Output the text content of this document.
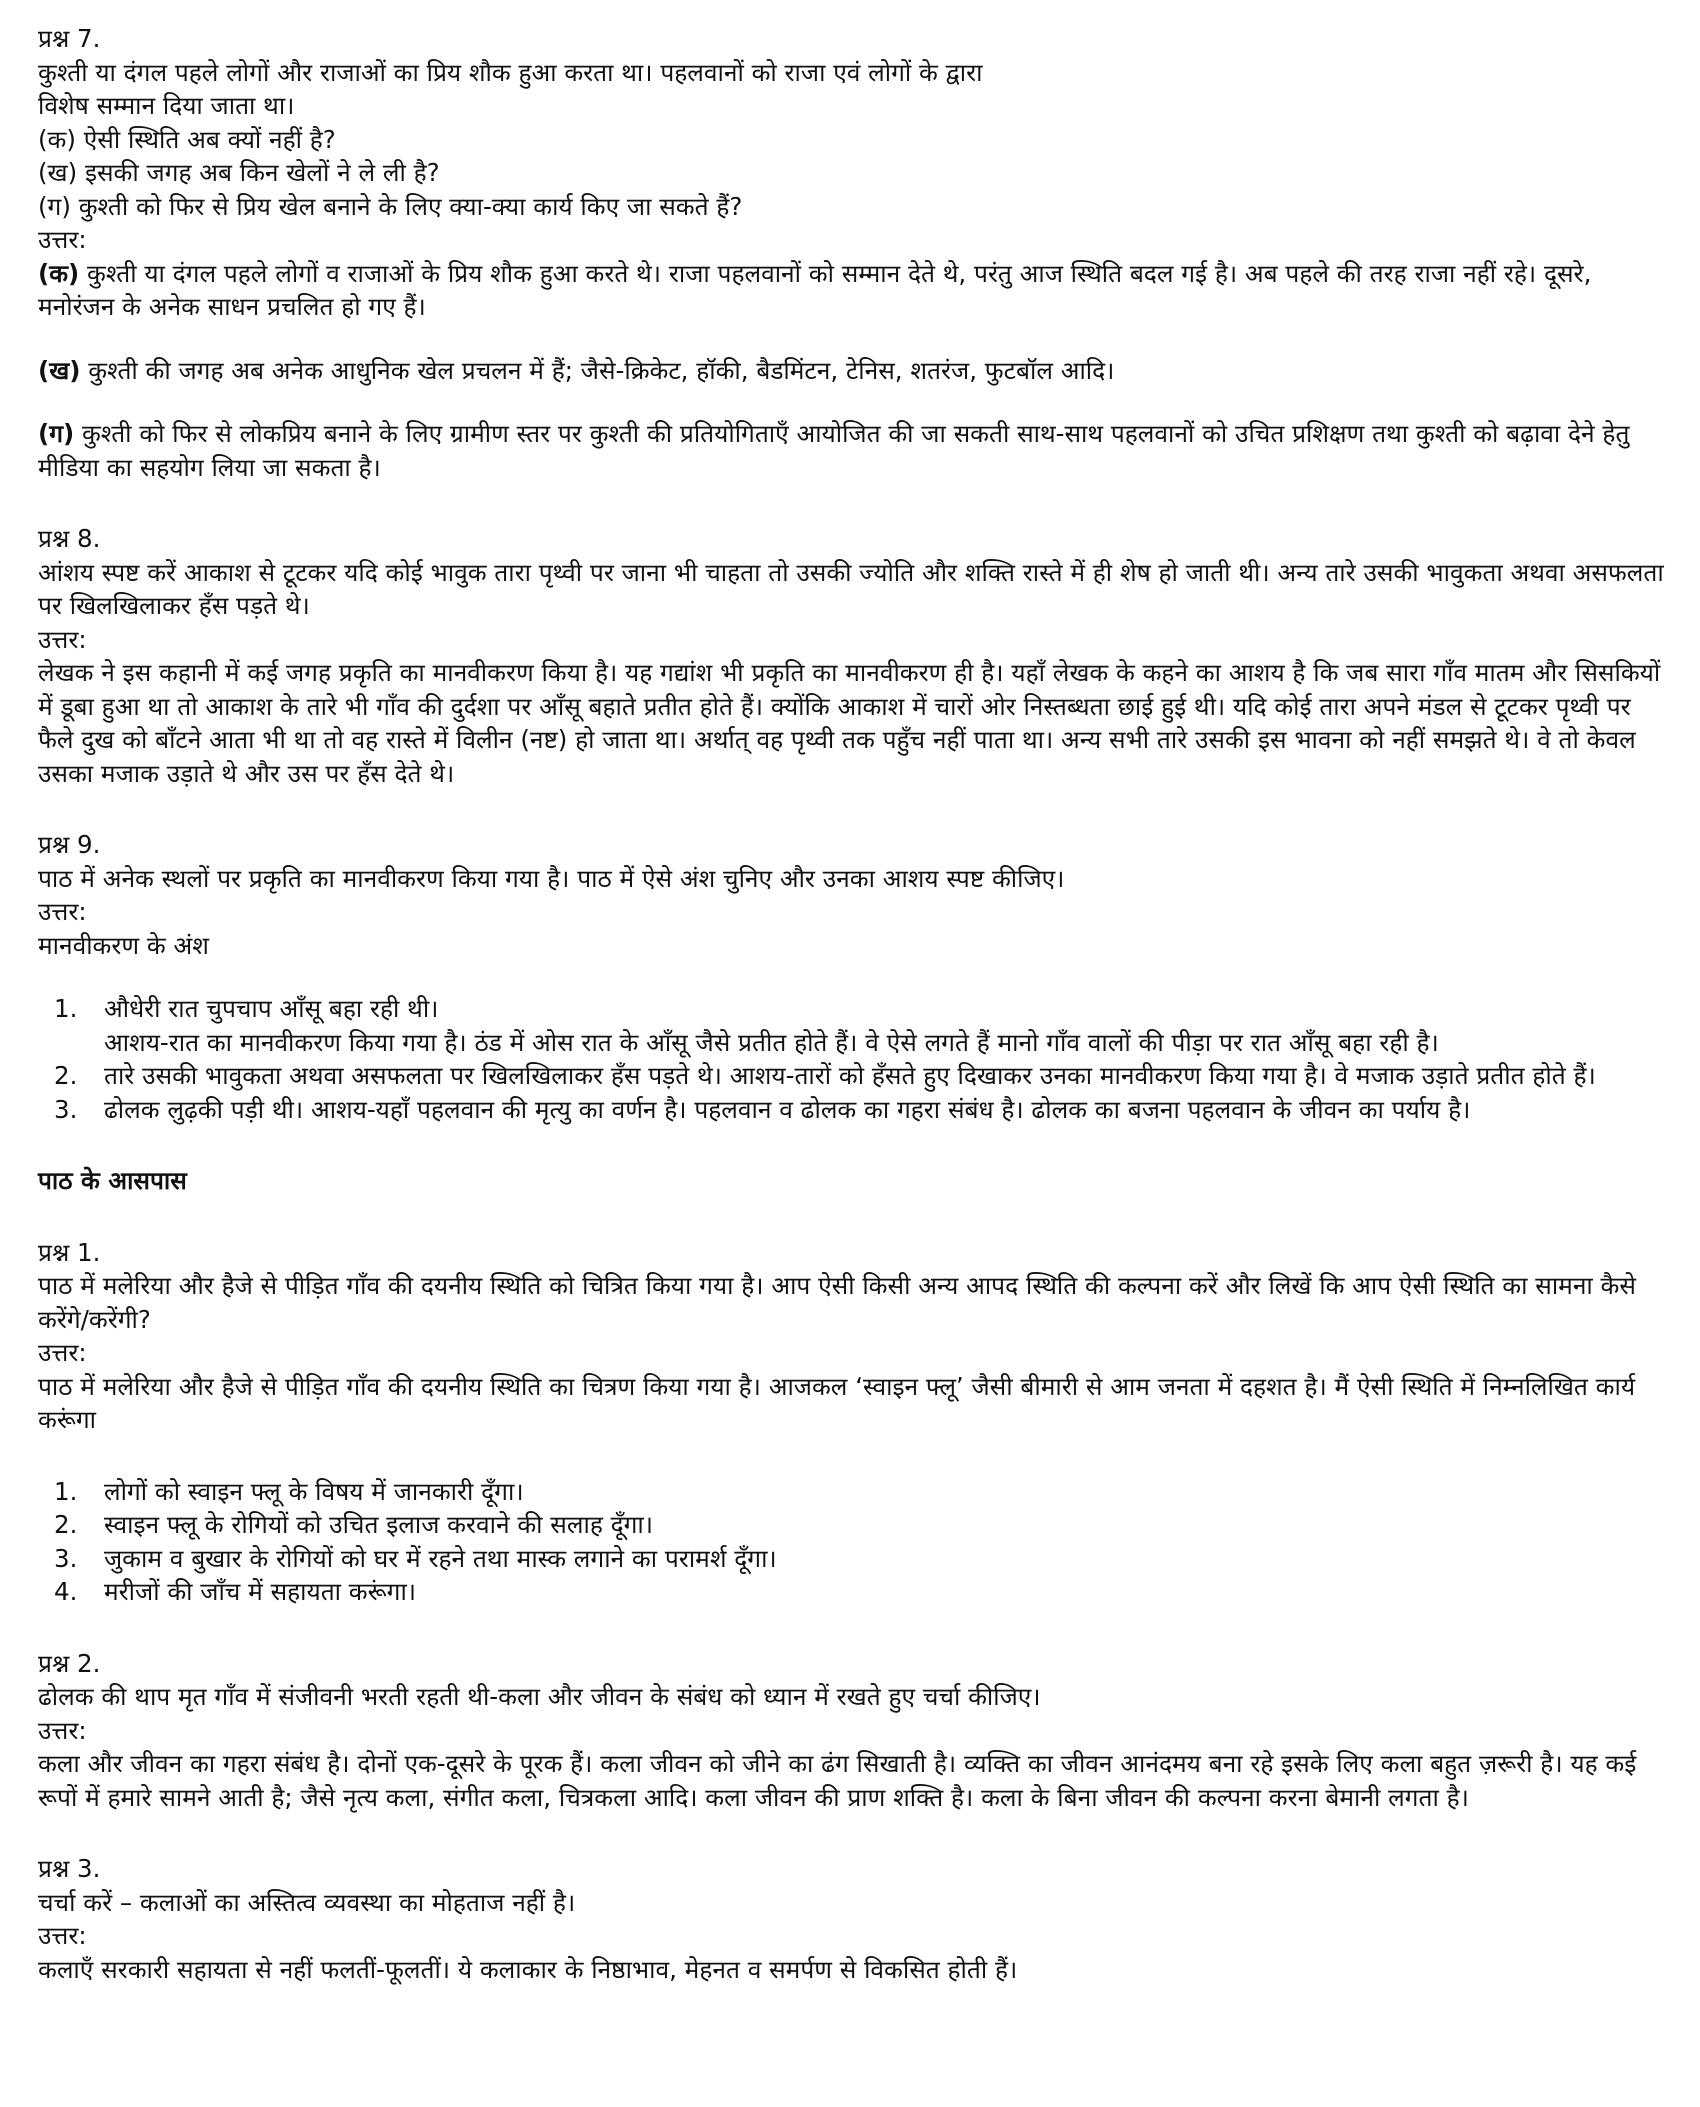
प्रश्न 7.

कुश्ती या दंगल पहले लोगों और राजाओं का प्रिय शौक हुआ करता था। पहलवानों को राजा एवं लोगों के द्वारा

विशेष सम्मान दिया जाता था।

(क) ऐसी स्थिति अब क्यों नहीं है?

(ख) इसकी जगह अब किन खेलों ने ले ली है?

(ग) कुश्ती को फिर से प्रिय खेल बनाने के लिए क्या-क्या कार्य किए जा सकते हैं?

उत्तर:

(क) कुश्ती या दंगल पहले लोगों व राजाओं के प्रिय शौक हुआ करते थे। राजा पहलवानों को सम्मान देते थे, परंतु आज स्थिति बदल गई है। अब पहले की तरह राजा नहीं रहे। दूसरे, मनोरंजन के अनेक साधन प्रचलित हो गए हैं।

(ख) कुश्ती की जगह अब अनेक आधुनिक खेल प्रचलन में हैं; जैसे-क्रिकेट, हॉकी, बैडमिंटन, टेनिस, शतरंज, फुटबॉल आदि।

(ग) कुश्ती को फिर से लोकप्रिय बनाने के लिए ग्रामीण स्तर पर कुश्ती की प्रतियोगिताएँ आयोजित की जा सकती साथ-साथ पहलवानों को उचित प्रशिक्षण तथा कुश्ती को बढ़ावा देने हेतु मीडिया का सहयोग लिया जा सकता है।

प्रश्न 8.

आंशय स्पष्ट करें आकाश से टूटकर यदि कोई भावुक तारा पृथ्वी पर जाना भी चाहता तो उसकी ज्योति और शक्ति रास्ते में ही शेष हो जाती थी। अन्य तारे उसकी भावुकता अथवा असफलता पर खिलखिलाकर हँस पड़ते थे।

उत्तर:

लेखक ने इस कहानी में कई जगह प्रकृति का मानवीकरण किया है। यह गद्यांश भी प्रकृति का मानवीकरण ही है। यहाँ लेखक के कहने का आशय है कि जब सारा गाँव मातम और सिसकियों में डूबा हुआ था तो आकाश के तारे भी गाँव की दुर्दशा पर आँसू बहाते प्रतीत होते हैं। क्योंकि आकाश में चारों ओर निस्तब्धता छाई हुई थी। यदि कोई तारा अपने मंडल से टूटकर पृथ्वी पर फैले दुख को बाँटने आता भी था तो वह रास्ते में विलीन (नष्ट) हो जाता था। अर्थात् वह पृथ्वी तक पहुँच नहीं पाता था। अन्य सभी तारे उसकी इस भावना को नहीं समझते थे। वे तो केवल उसका मजाक उड़ाते थे और उस पर हँस देते थे।

प्रश्न 9.

पाठ में अनेक स्थलों पर प्रकृति का मानवीकरण किया गया है। पाठ में ऐसे अंश चुनिए और उनका आशय स्पष्ट कीजिए।

उत्तर:

मानवीकरण के अंश

1. औधेरी रात चुपचाप आँसू बहा रही थी।
आशय-रात का मानवीकरण किया गया है। ठंड में ओस रात के आँसू जैसे प्रतीत होते हैं। वे ऐसे लगते हैं मानो गाँव वालों की पीड़ा पर रात आँसू बहा रही है।
2. तारे उसकी भावुकता अथवा असफलता पर खिलखिलाकर हँस पड़ते थे। आशय-तारों को हँसते हुए दिखाकर उनका मानवीकरण किया गया है। वे मजाक उड़ाते प्रतीत होते हैं।
3. ढोलक लुढ़की पड़ी थी। आशय-यहाँ पहलवान की मृत्यु का वर्णन है। पहलवान व ढोलक का गहरा संबंध है। ढोलक का बजना पहलवान के जीवन का पर्याय है।

पाठ के आसपास

प्रश्न 1.

पाठ में मलेरिया और हैजे से पीड़ित गाँव की दयनीय स्थिति को चित्रित किया गया है। आप ऐसी किसी अन्य आपद स्थिति की कल्पना करें और लिखें कि आप ऐसी स्थिति का सामना कैसे करेंगे/करेंगी?

उत्तर:

पाठ में मलेरिया और हैजे से पीड़ित गाँव की दयनीय स्थिति का चित्रण किया गया है। आजकल ‘स्वाइन फ्लू’ जैसी बीमारी से आम जनता में दहशत है। मैं ऐसी स्थिति में निम्नलिखित कार्य करूंगा

1. लोगों को स्वाइन फ्लू के विषय में जानकारी दूँगा।
2. स्वाइन फ्लू के रोगियों को उचित इलाज करवाने की सलाह दूँगा।
3. जुकाम व बुखार के रोगियों को घर में रहने तथा मास्क लगाने का परामर्श दूँगा।
4. मरीजों की जाँच में सहायता करूंगा।

प्रश्न 2.

ढोलक की थाप मृत गाँव में संजीवनी भरती रहती थी-कला और जीवन के संबंध को ध्यान में रखते हुए चर्चा कीजिए।

उत्तर:

कला और जीवन का गहरा संबंध है। दोनों एक-दूसरे के पूरक हैं। कला जीवन को जीने का ढंग सिखाती है। व्यक्ति का जीवन आनंदमय बना रहे इसके लिए कला बहुत ज़रूरी है। यह कई रूपों में हमारे सामने आती है; जैसे नृत्य कला, संगीत कला, चित्रकला आदि। कला जीवन की प्राण शक्ति है। कला के बिना जीवन की कल्पना करना बेमानी लगता है।

प्रश्न 3.

चर्चा करें – कलाओं का अस्तित्व व्यवस्था का मोहताज नहीं है।

उत्तर:

कलाएँ सरकारी सहायता से नहीं फलतीं-फूलतीं। ये कलाकार के निष्ठाभाव, मेहनत व समर्पण से विकसित होती हैं।
